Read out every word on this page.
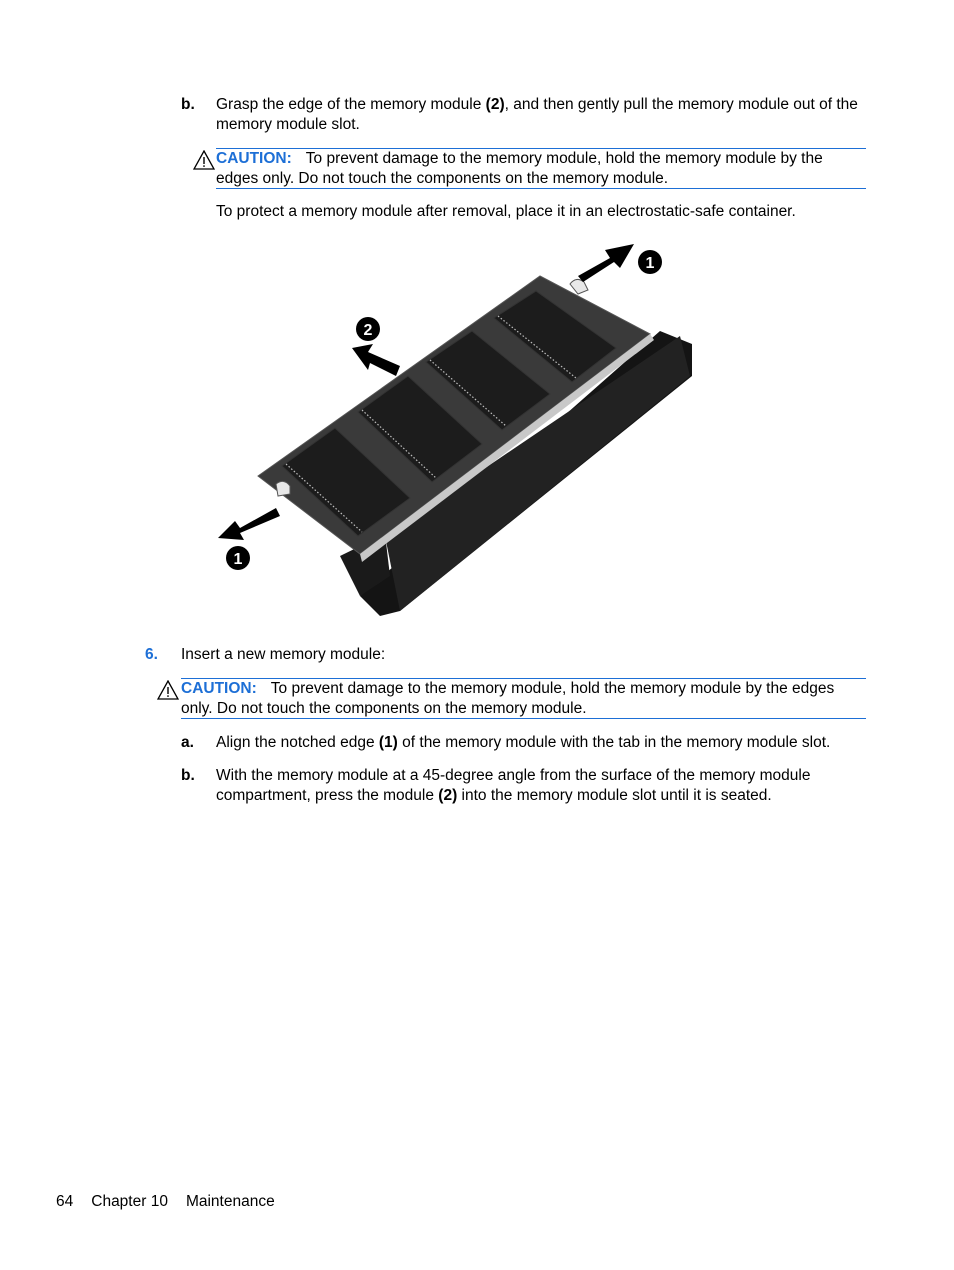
b. Grasp the edge of the memory module (2), and then gently pull the memory module out of the memory module slot.
CAUTION: To prevent damage to the memory module, hold the memory module by the edges only. Do not touch the components on the memory module.
To protect a memory module after removal, place it in an electrostatic-safe container.
1
2
1
6. Insert a new memory module:
CAUTION: To prevent damage to the memory module, hold the memory module by the edges only. Do not touch the components on the memory module.
a. Align the notched edge (1) of the memory module with the tab in the memory module slot.
b. With the memory module at a 45-degree angle from the surface of the memory module compartment, press the module (2) into the memory module slot until it is seated.
64 Chapter 10 Maintenance
